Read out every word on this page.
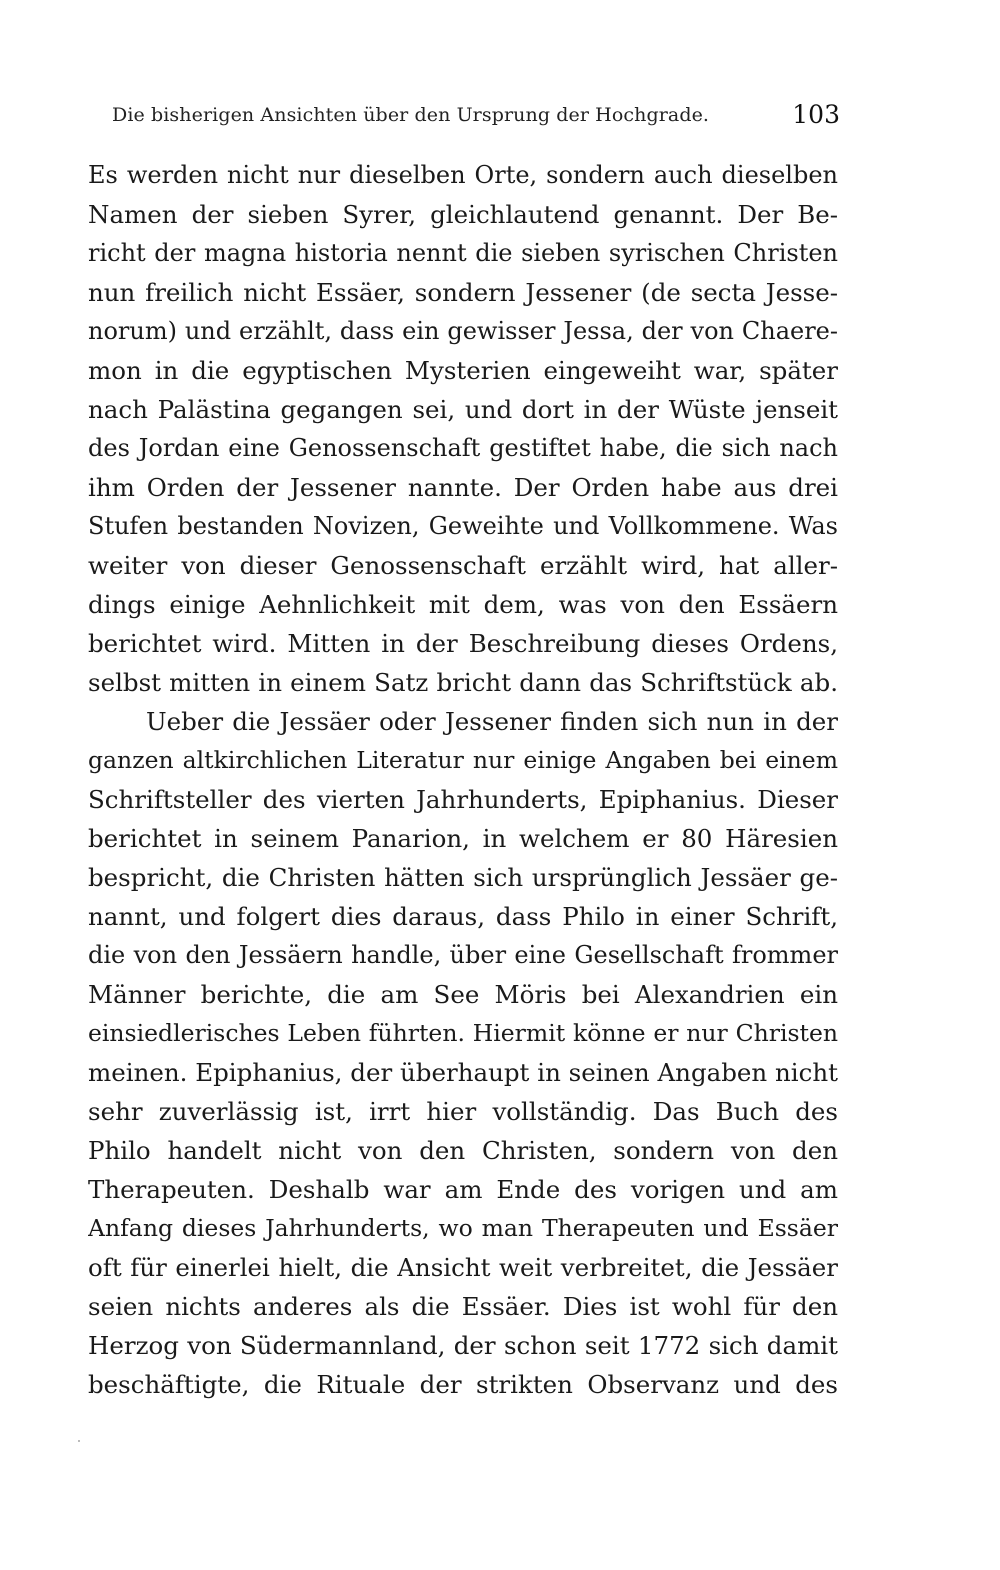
Die bisherigen Ansichten über den Ursprung der Hochgrade.	103
Es werden nicht nur dieselben Orte, sondern auch dieselben
Namen der sieben Syrer, gleichlautend genannt. Der Be-
richt der magna historia nennt die sieben syrischen Christen
nun freilich nicht Essäer, sondern Jessener (de secta Jesse-
norum) und erzählt, dass ein gewisser Jessa, der von Chaere-
mon in die egyptischen Mysterien eingeweiht war, später
nach Palästina gegangen sei, und dort in der Wüste jenseit
des Jordan eine Genossenschaft gestiftet habe, die sich nach
ihm Orden der Jessener nannte. Der Orden habe aus drei
Stufen bestanden Novizen, Geweihte und Vollkommene. Was
weiter von dieser Genossenschaft erzählt wird, hat aller-
dings einige Aehnlichkeit mit dem, was von den Essäern
berichtet wird. Mitten in der Beschreibung dieses Ordens,
selbst mitten in einem Satz bricht dann das Schriftstück ab.
Ueber die Jessäer oder Jessener finden sich nun in der
ganzen altkirchlichen Literatur nur einige Angaben bei einem
Schriftsteller des vierten Jahrhunderts, Epiphanius. Dieser
berichtet in seinem Panarion, in welchem er 80 Häresien
bespricht, die Christen hätten sich ursprünglich Jessäer ge-
nannt, und folgert dies daraus, dass Philo in einer Schrift,
die von den Jessäern handle, über eine Gesellschaft frommer
Männer berichte, die am See Möris bei Alexandrien ein
einsiedlerisches Leben führten. Hiermit könne er nur Christen
meinen. Epiphanius, der überhaupt in seinen Angaben nicht
sehr zuverlässig ist, irrt hier vollständig. Das Buch des
Philo handelt nicht von den Christen, sondern von den
Therapeuten. Deshalb war am Ende des vorigen und am
Anfang dieses Jahrhunderts, wo man Therapeuten und Essäer
oft für einerlei hielt, die Ansicht weit verbreitet, die Jessäer
seien nichts anderes als die Essäer. Dies ist wohl für den
Herzog von Südermannland, der schon seit 1772 sich damit
beschäftigte, die Rituale der strikten Observanz und des
